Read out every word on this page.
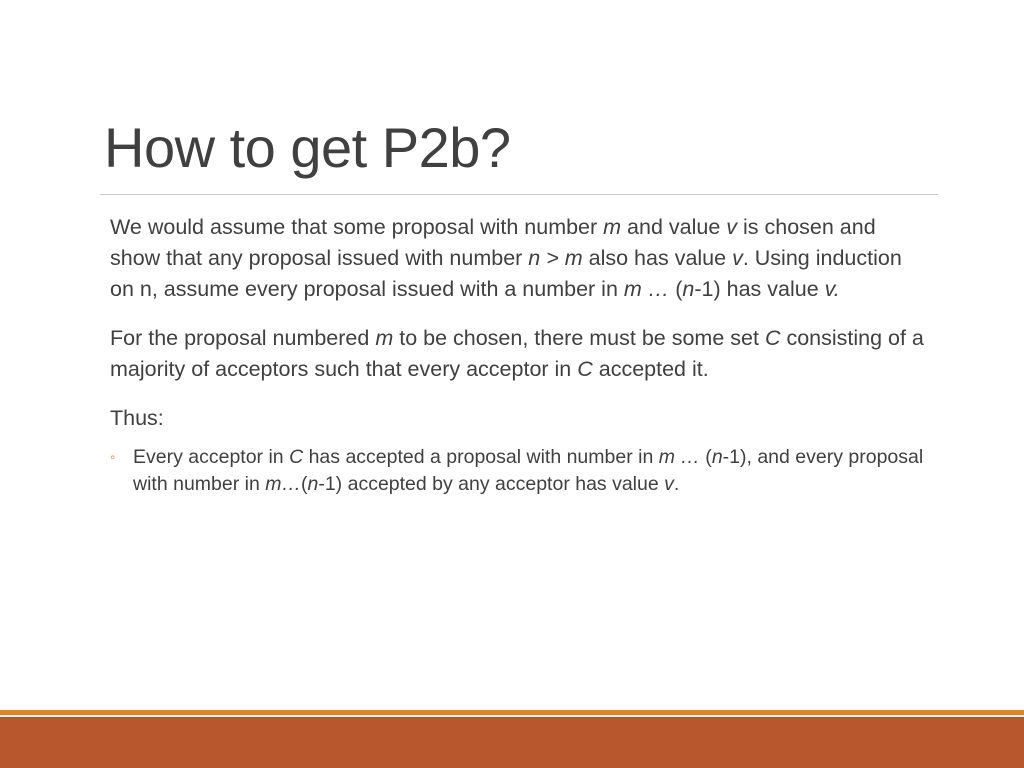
How to get P2b?

We would assume that some proposal with number m and value v is chosen and show that any proposal issued with number n > m also has value v. Using induction on n, assume every proposal issued with a number in m … (n-1) has value v.

For the proposal numbered m to be chosen, there must be some set C consisting of a majority of acceptors such that every acceptor in C accepted it.

Thus:

◦ Every acceptor in C has accepted a proposal with number in m … (n-1), and every proposal with number in m…(n-1) accepted by any acceptor has value v.
